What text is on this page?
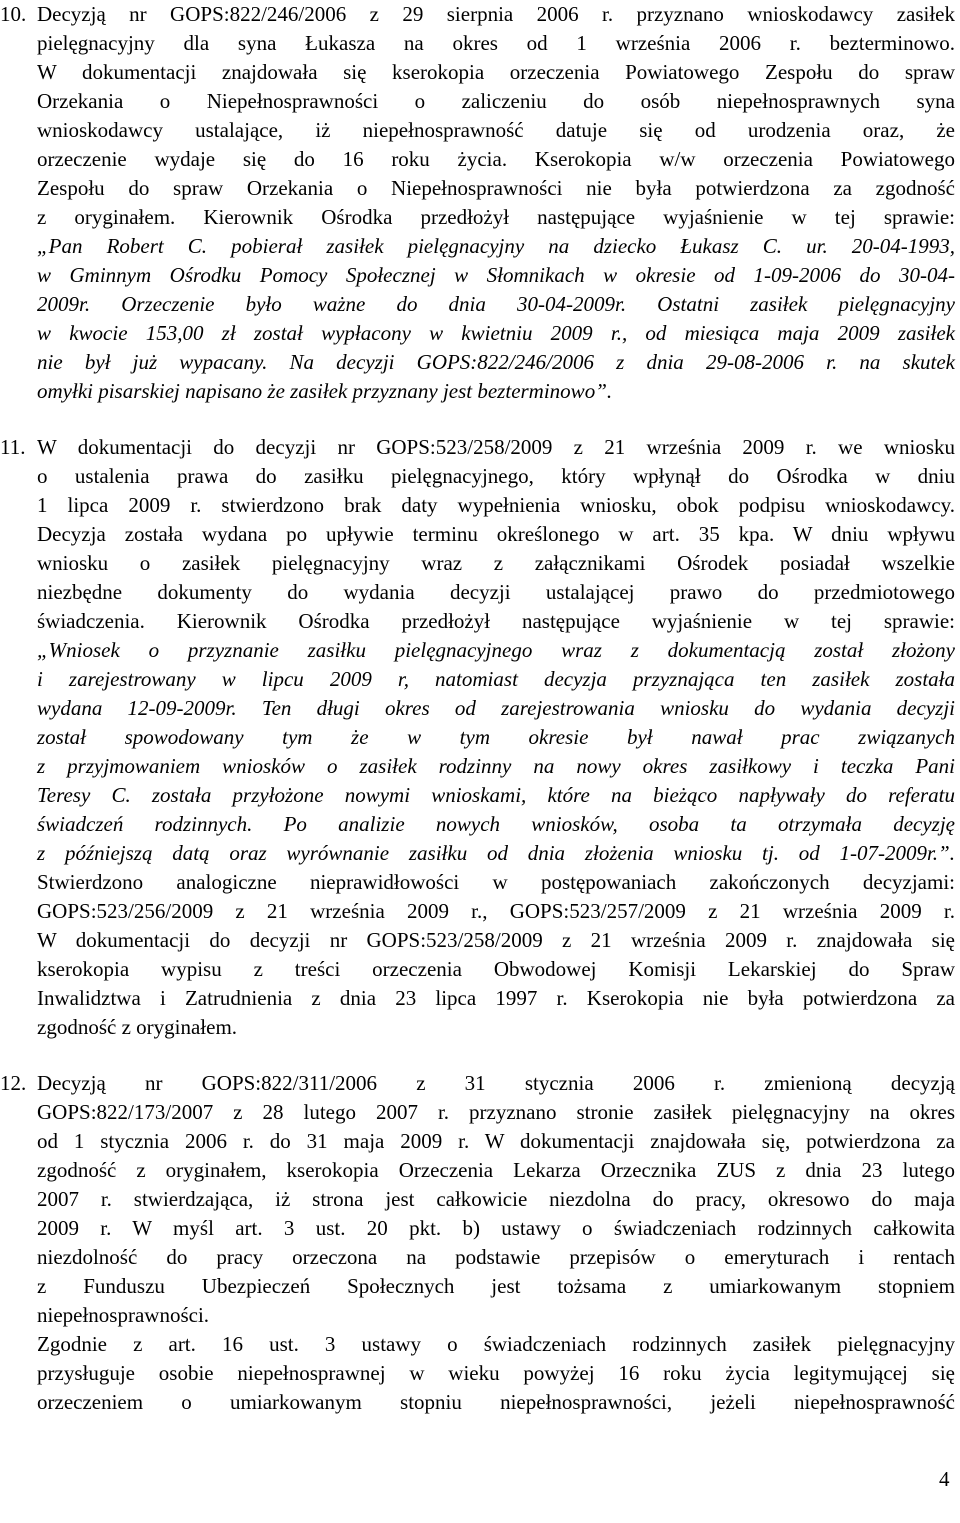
10. Decyzją nr GOPS:822/246/2006 z 29 sierpnia 2006 r. przyznano wnioskodawcy zasiłek
pielęgnacyjny dla syna Łukasza na okres od 1 września 2006 r. bezterminowo.
W dokumentacji znajdowała się kserokopia orzeczenia Powiatowego Zespołu do spraw
Orzekania o Niepełnosprawności o zaliczeniu do osób niepełnosprawnych syna
wnioskodawcy ustalające, iż niepełnosprawność datuje się od urodzenia oraz, że
orzeczenie wydaje się do 16 roku życia. Kserokopia w/w orzeczenia Powiatowego
Zespołu do spraw Orzekania o Niepełnosprawności nie była potwierdzona za zgodność
z oryginałem. Kierownik Ośrodka przedłożył następujące wyjaśnienie w tej sprawie:
„Pan Robert C. pobierał zasiłek pielęgnacyjny na dziecko Łukasz C. ur. 20-04-1993,
w Gminnym Ośrodku Pomocy Społecznej w Słomnikach w okresie od 1-09-2006 do 30-04-
2009r. Orzeczenie było ważne do dnia 30-04-2009r. Ostatni zasiłek pielęgnacyjny
w kwocie 153,00 zł został wypłacony w kwietniu 2009 r., od miesiąca maja 2009 zasiłek
nie był już wypacany. Na decyzji GOPS:822/246/2006 z dnia 29-08-2006 r. na skutek
omyłki pisarskiej napisano że zasiłek przyznany jest bezterminowo”.
11. W dokumentacji do decyzji nr GOPS:523/258/2009 z 21 września 2009 r. we wniosku
o ustalenia prawa do zasiłku pielęgnacyjnego, który wpłynął do Ośrodka w dniu
1 lipca 2009 r. stwierdzono brak daty wypełnienia wniosku, obok podpisu wnioskodawcy.
Decyzja została wydana po upływie terminu określonego w art. 35 kpa. W dniu wpływu
wniosku o zasiłek pielęgnacyjny wraz z załącznikami Ośrodek posiadał wszelkie
niezbędne dokumenty do wydania decyzji ustalającej prawo do przedmiotowego
świadczenia. Kierownik Ośrodka przedłożył następujące wyjaśnienie w tej sprawie:
„Wniosek o przyznanie zasiłku pielęgnacyjnego wraz z dokumentacją został złożony
i zarejestrowany w lipcu 2009 r, natomiast decyzja przyznająca ten zasiłek została
wydana 12-09-2009r. Ten długi okres od zarejestrowania wniosku do wydania decyzji
został spowodowany tym że w tym okresie był nawał prac związanych
z przyjmowaniem wniosków o zasiłek rodzinny na nowy okres zasiłkowy i teczka Pani
Teresy C. została przyłożone nowymi wnioskami, które na bieżąco napływały do referatu
świadczeń rodzinnych. Po analizie nowych wniosków, osoba ta otrzymała decyzję
z późniejszą datą oraz wyrównanie zasiłku od dnia złożenia wniosku tj. od 1-07-2009r.”.
Stwierdzono analogiczne nieprawidłowości w postępowaniach zakończonych decyzjami:
GOPS:523/256/2009 z 21 września 2009 r., GOPS:523/257/2009 z 21 września 2009 r.
W dokumentacji do decyzji nr GOPS:523/258/2009 z 21 września 2009 r. znajdowała się
kserokopia wypisu z treści orzeczenia Obwodowej Komisji Lekarskiej do Spraw
Inwalidztwa i Zatrudnienia z dnia 23 lipca 1997 r. Kserokopia nie była potwierdzona za
zgodność z oryginałem.
12. Decyzją nr GOPS:822/311/2006 z 31 stycznia 2006 r. zmienioną decyzją
GOPS:822/173/2007 z 28 lutego 2007 r. przyznano stronie zasiłek pielęgnacyjny na okres
od 1 stycznia 2006 r. do 31 maja 2009 r. W dokumentacji znajdowała się, potwierdzona za
zgodność z oryginałem, kserokopia Orzeczenia Lekarza Orzecznika ZUS z dnia 23 lutego
2007 r. stwierdzająca, iż strona jest całkowicie niezdolna do pracy, okresowo do maja
2009 r. W myśl art. 3 ust. 20 pkt. b) ustawy o świadczeniach rodzinnych całkowita
niezdolność do pracy orzeczona na podstawie przepisów o emeryturach i rentach
z Funduszu Ubezpieczeń Społecznych jest tożsama z umiarkowanym stopniem
niepełnosprawności.
Zgodnie z art. 16 ust. 3 ustawy o świadczeniach rodzinnych zasiłek pielęgnacyjny
przysługuje osobie niepełnosprawnej w wieku powyżej 16 roku życia legitymującej się
orzeczeniem o umiarkowanym stopniu niepełnosprawności, jeżeli niepełnosprawność
4
